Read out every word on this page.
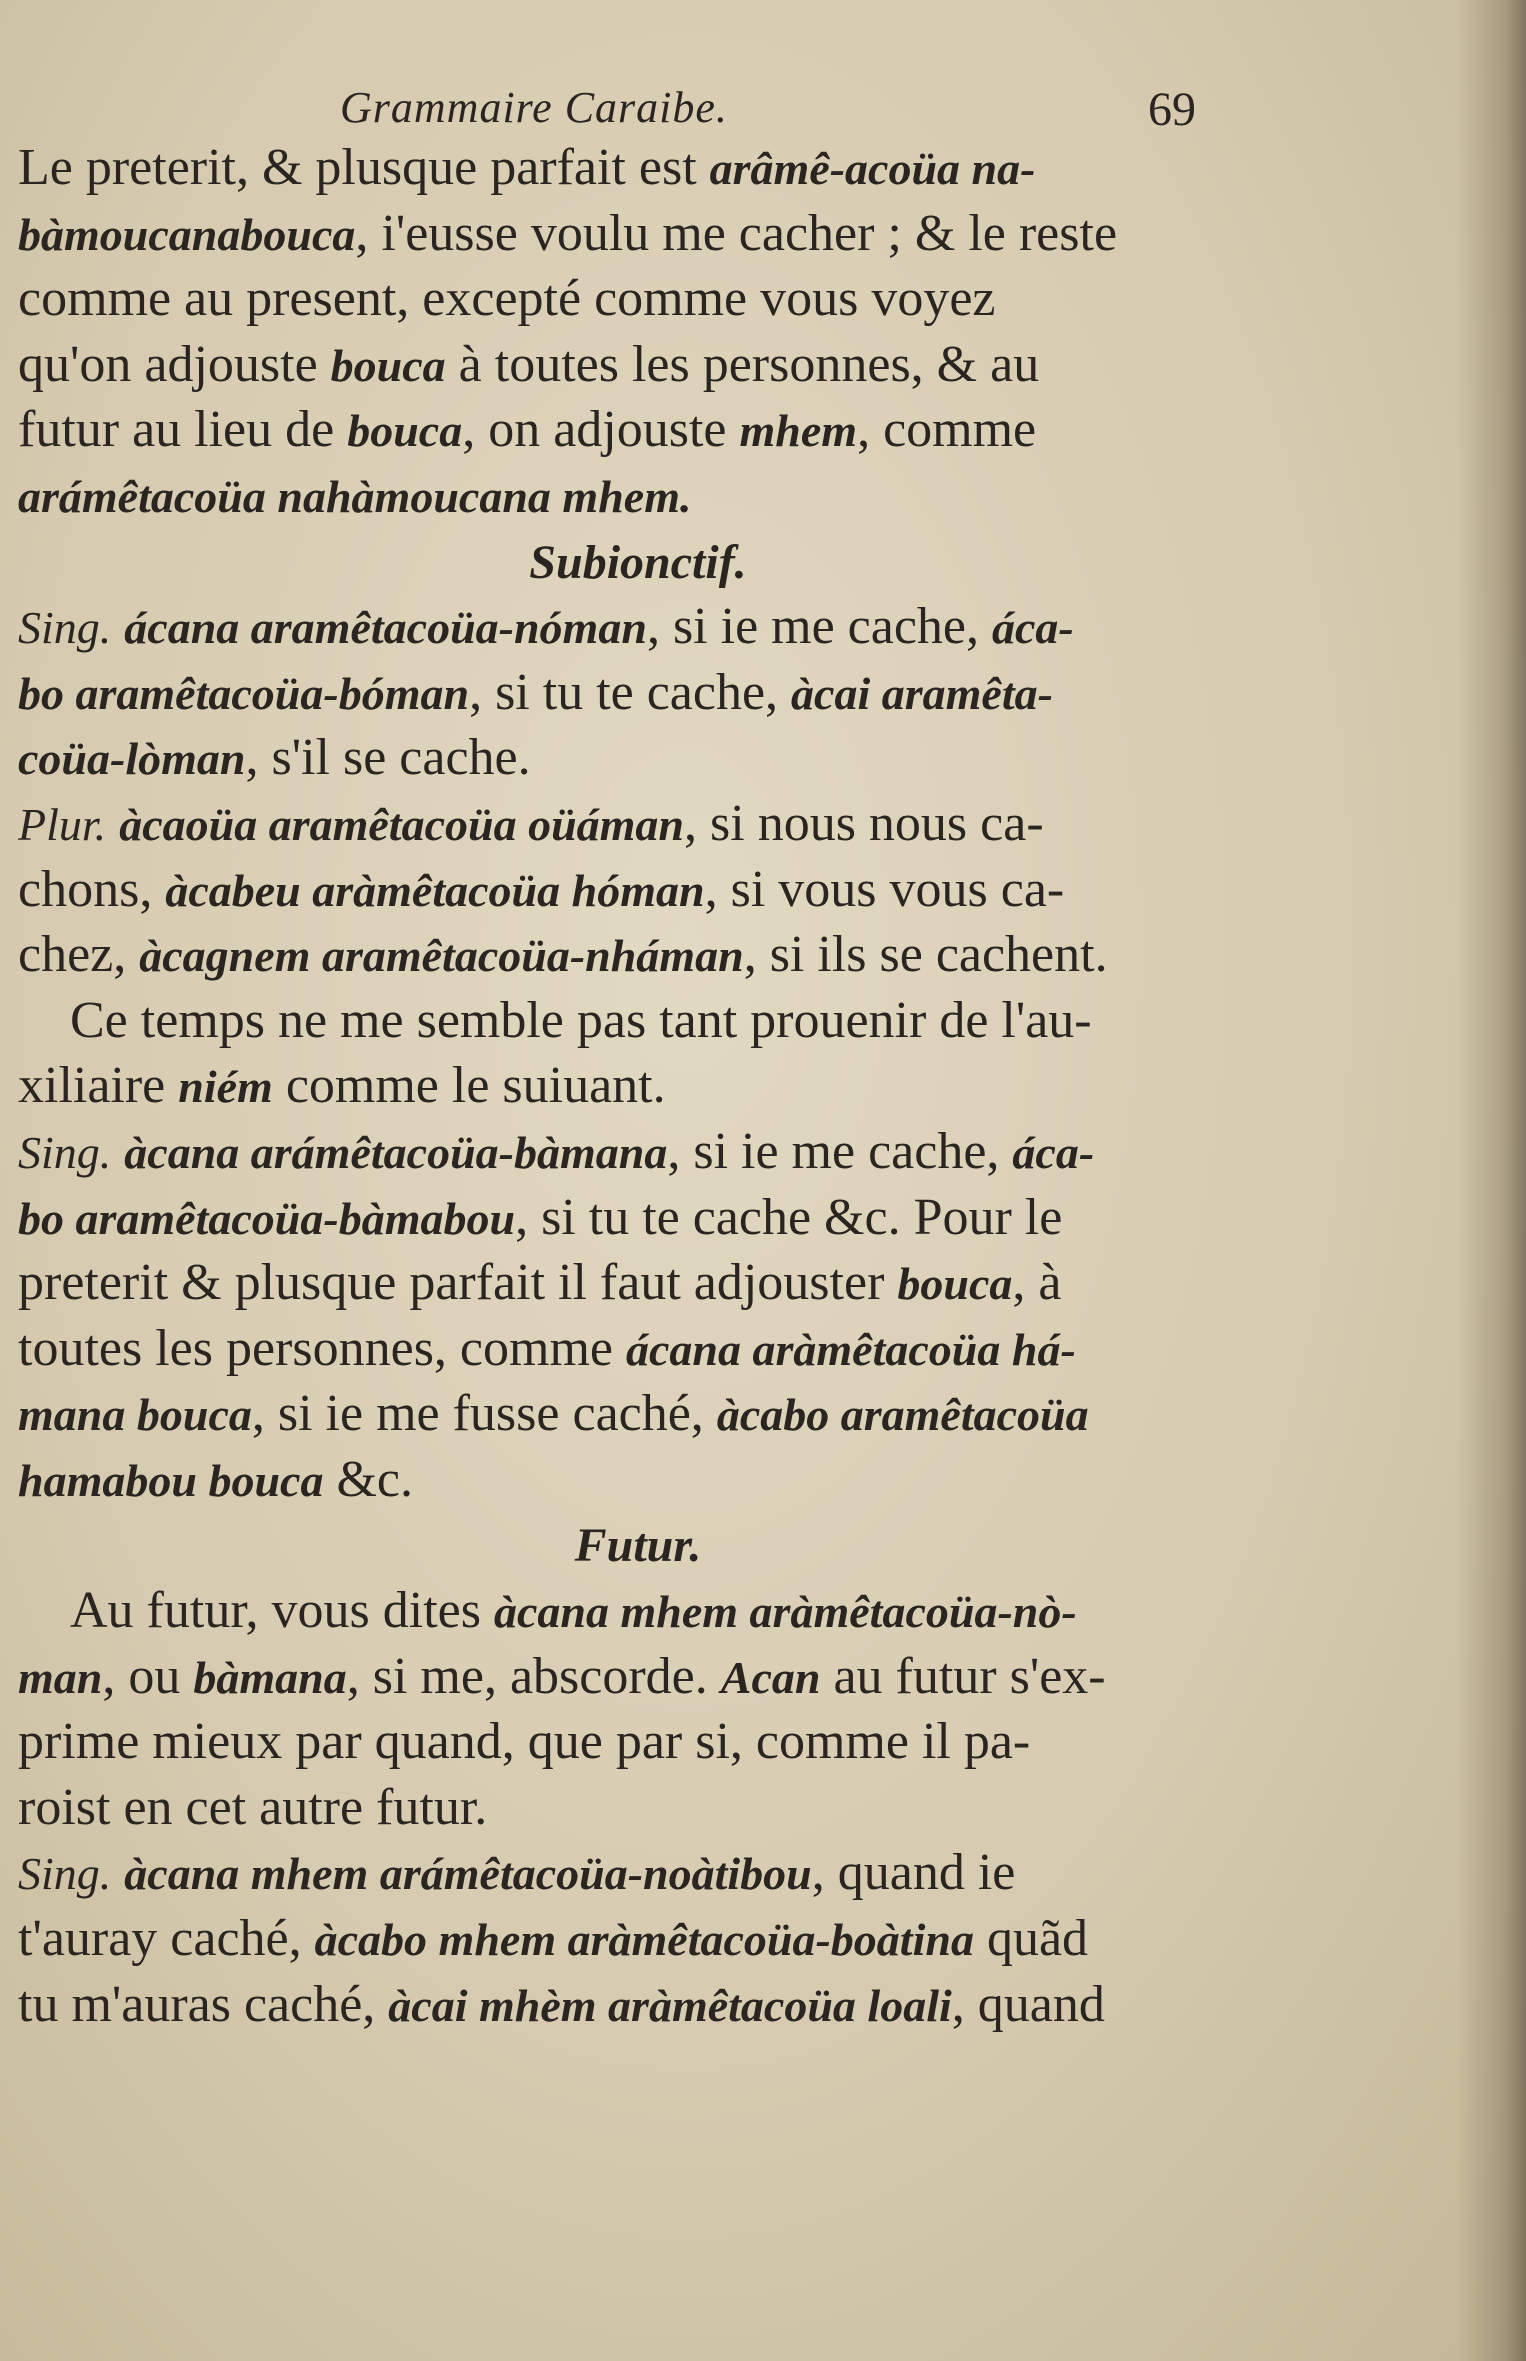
Grammaire Caraibe.	69
Le preterit, & plusque parfait est arâmê-acoüa na-
bàmoucanabouca, i'eusse voulu me cacher ; & le reste
comme au present, excepté comme vous voyez
qu'on adjouste bouca à toutes les personnes, & au
futur au lieu de bouca, on adjouste mhem, comme
arámêtacoüa nahàmoucana mhem.
Subionctif.
Sing. ácana aramêtacoüa-nóman, si ie me cache, áca-
bo aramêtacoüa-bóman, si tu te cache, àcai aramêta-
coüa-lòman, s'il se cache.
Plur. àcaoüa aramêtacoüa oüáman, si nous nous ca-
chons, àcabeu aràmêtacoüa hóman, si vous vous ca-
chez, àcagnem aramêtacoüa-nháman, si ils se cachent.
Ce temps ne me semble pas tant prouenir de l'au-
xiliaire niém comme le suiuant.
Sing. àcana arámêtacoüa-bàmana, si ie me cache, áca-
bo aramêtacoüa-bàmabou, si tu te cache &c. Pour le
preterit & plusque parfait il faut adjouster bouca, à
toutes les personnes, comme ácana aràmêtacoüa há-
mana bouca, si ie me fusse caché, àcabo aramêtacoüa
hamabou bouca &c.
Futur.
Au futur, vous dites àcana mhem aràmêtacoüa-nò-
man, ou bàmana, si me, abscorde. Acan au futur s'ex-
prime mieux par quand, que par si, comme il pa-
roist en cet autre futur.
Sing. àcana mhem arámêtacoüa-noàtibou, quand ie
t'auray caché, àcabo mhem aràmêtacoüa-boàtina quãd
tu m'auras caché, àcai mhèm aràmêtacoüa loali, quand
